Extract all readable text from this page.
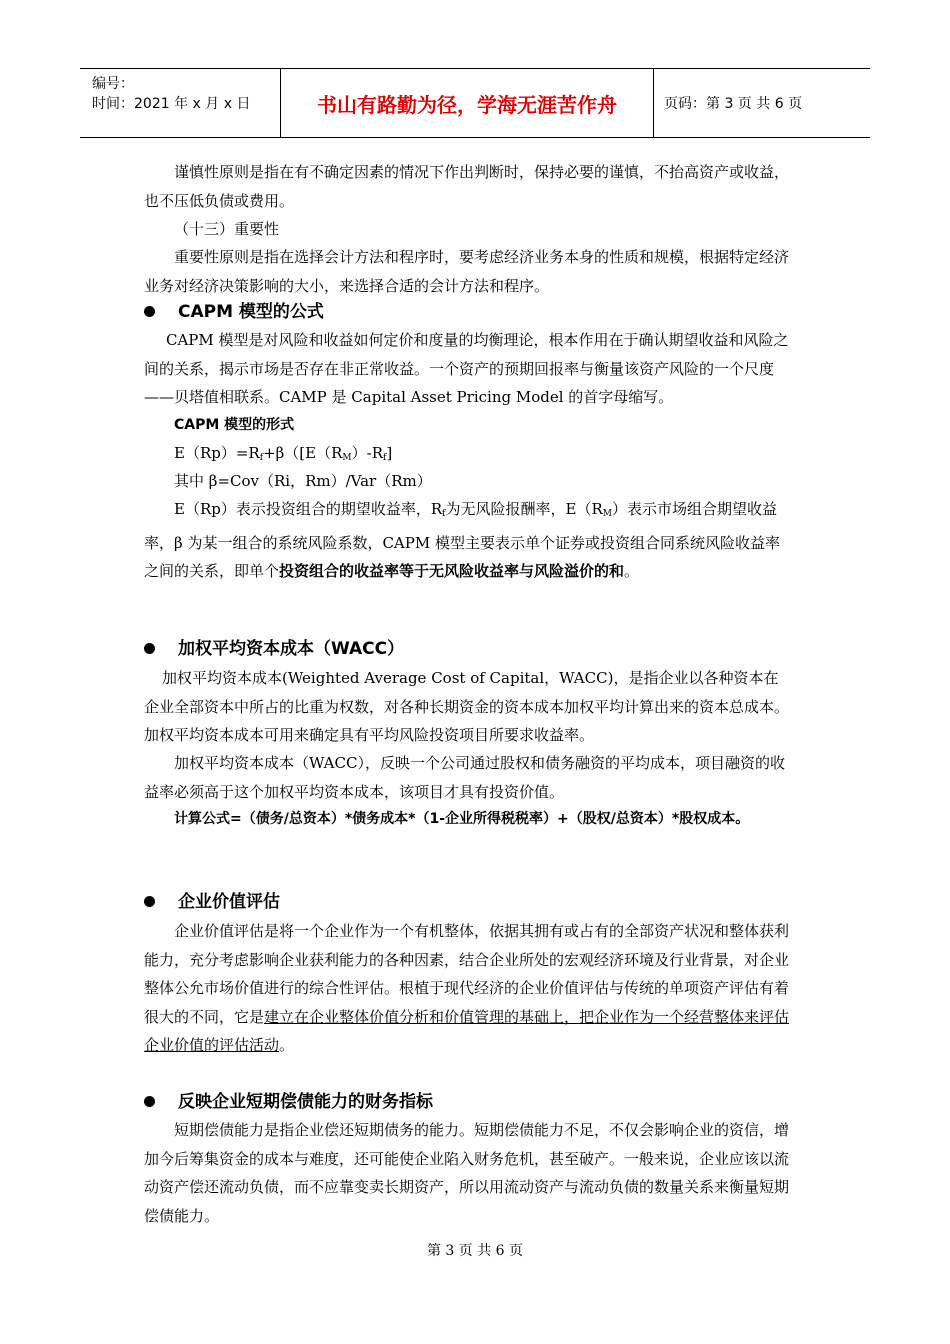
编号：
时间：2021 年 x 月 x 日	书山有路勤为径，学海无涯苦作舟	页码：第 3 页 共 6 页
谨慎性原则是指在有不确定因素的情况下作出判断时，保持必要的谨慎，不抬高资产或收益，也不压低负债或费用。
（十三）重要性
重要性原则是指在选择会计方法和程序时，要考虑经济业务本身的性质和规模，根据特定经济业务对经济决策影响的大小，来选择合适的会计方法和程序。
CAPM 模型的公式
CAPM 模型是对风险和收益如何定价和度量的均衡理论，根本作用在于确认期望收益和风险之间的关系，揭示市场是否存在非正常收益。一个资产的预期回报率与衡量该资产风险的一个尺度——贝塔值相联系。CAMP 是 Capital Asset Pricing Model 的首字母缩写。
CAPM 模型的形式
$E(Rp)=R_f+\beta([E(R_M)-R_f]$
其中 β=Cov（Ri，Rm）/Var（Rm）
E（Rp）表示投资组合的期望收益率，$R_f$为无风险报酬率，$E(R_M)$表示市场组合期望收益率，β 为某一组合的系统风险系数，CAPM 模型主要表示单个证券或投资组合同系统风险收益率之间的关系，即单个投资组合的收益率等于无风险收益率与风险溢价的和。
加权平均资本成本（WACC）
加权平均资本成本(Weighted Average Cost of Capital，WACC)，是指企业以各种资本在企业全部资本中所占的比重为权数，对各种长期资金的资本成本加权平均计算出来的资本总成本。加权平均资本成本可用来确定具有平均风险投资项目所要求收益率。
加权平均资本成本（WACC），反映一个公司通过股权和债务融资的平均成本，项目融资的收益率必须高于这个加权平均资本成本，该项目才具有投资价值。
计算公式=（债务/总资本）*债务成本*（1-企业所得税税率）+（股权/总资本）*股权成本。
企业价值评估
企业价值评估是将一个企业作为一个有机整体，依据其拥有或占有的全部资产状况和整体获利能力，充分考虑影响企业获利能力的各种因素，结合企业所处的宏观经济环境及行业背景，对企业整体公允市场价值进行的综合性评估。根植于现代经济的企业价值评估与传统的单项资产评估有着很大的不同，它是建立在企业整体价值分析和价值管理的基础上，把企业作为一个经营整体来评估企业价值的评估活动。
反映企业短期偿债能力的财务指标
短期偿债能力是指企业偿还短期债务的能力。短期偿债能力不足，不仅会影响企业的资信，增加今后筹集资金的成本与难度，还可能使企业陷入财务危机，甚至破产。一般来说，企业应该以流动资产偿还流动负债，而不应靠变卖长期资产，所以用流动资产与流动负债的数量关系来衡量短期偿债能力。
第 3 页 共 6 页
